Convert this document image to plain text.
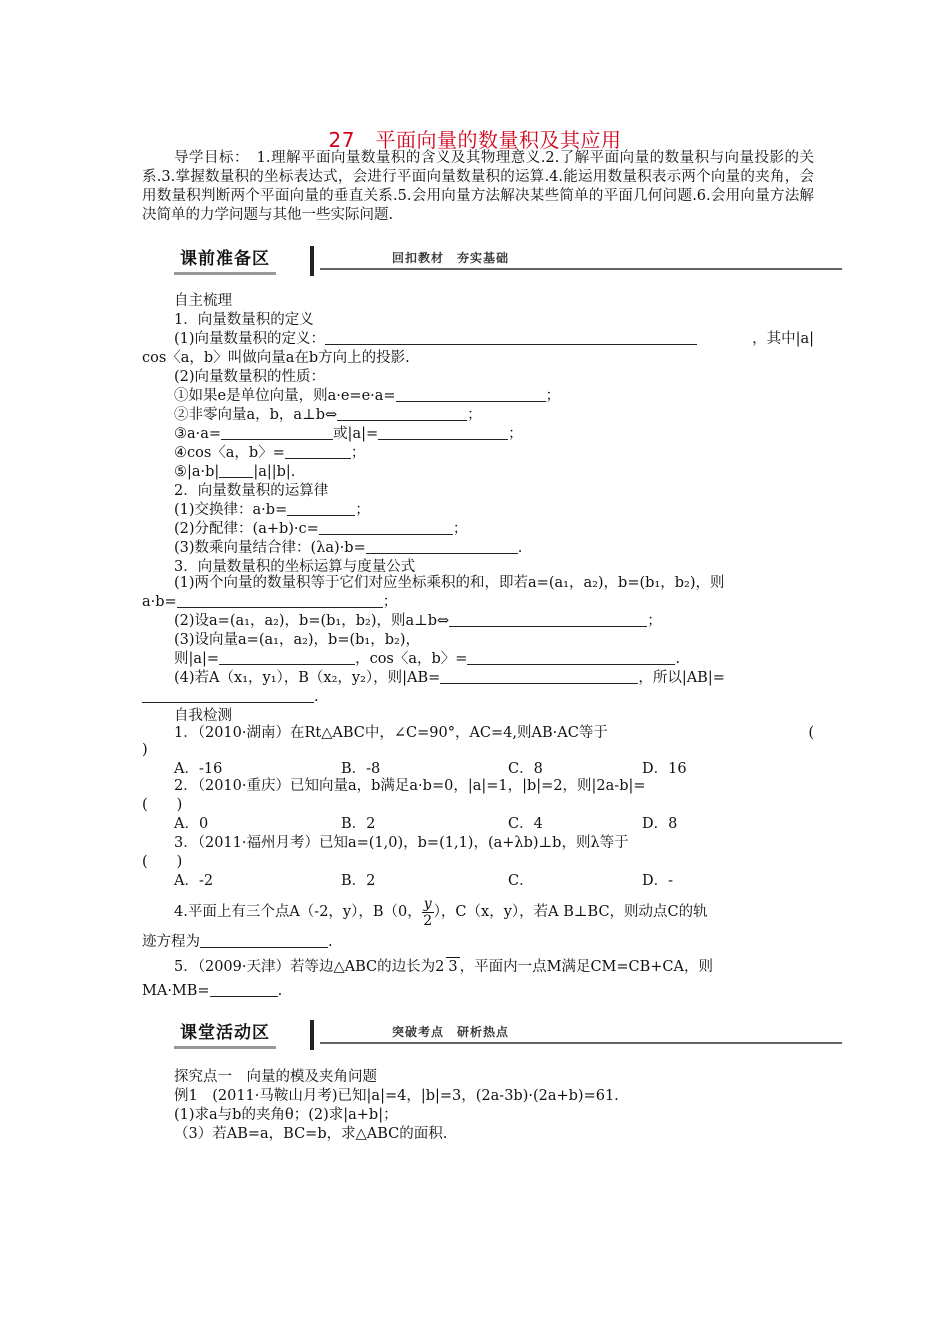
27　平面向量的数量积及其应用
导学目标：　1.理解平面向量数量积的含义及其物理意义.2.了解平面向量的数量积与向量投影的关系.3.掌握数量积的坐标表达式，会进行平面向量数量积的运算.4.能运用数量积表示两个向量的夹角，会用数量积判断两个平面向量的垂直关系.5.会用向量方法解决某些简单的平面几何问题.6.会用向量方法解决简单的力学问题与其他一些实际问题.
课前准备区	回扣教材　夯实基础
自主梳理
1．向量数量积的定义
(1)向量数量积的定义：	，其中|a|
cos〈a，b〉叫做向量a在b方向上的投影.
(2)向量数量积的性质：
①如果e是单位向量，则a·e=e·a=	；
②非零向量a，b，a⊥b⇔	；
③a·a=	或|a|=	；
④cos〈a，b〉=	；
⑤|a·b| |a||b|.
2．向量数量积的运算律
(1)交换律：a·b=	；
(2)分配律：(a+b)·c=	；
(3)数乘向量结合律：(λa)·b=	.
3．向量数量积的坐标运算与度量公式
(1)两个向量的数量积等于它们对应坐标乘积的和，即若a=(a₁，a₂)，b=(b₁，b₂)，则
a·b=	；
(2)设a=(a₁，a₂)，b=(b₁，b₂)，则a⊥b⇔	；
(3)设向量a=(a₁，a₂)，b=(b₁，b₂)，
则|a|=	，cos〈a，b〉=	.
(4)若A（x₁，y₁），B（x₂，y₂），则|AB=	，所以|AB|=
.
自我检测
1．（2010·湖南）在Rt△ABC中，∠C=90°，AC=4,则AB·AC等于	(
)
A．-16	B．-8	C．8	D．16
2．（2010·重庆）已知向量a，b满足a·b=0，|a|=1，|b|=2，则|2a-b|=
(　　)
A．0	B．2	C．4	D．8
3．（2011·福州月考）已知a=(1,0)，b=(1,1)，(a+λb)⊥b，则λ等于
(　　)
A．-2	B．2	C．	D．-
4.平面上有三个点A（-2，y），B（0， $\frac{y}{2}$ ），C（x，y），若A B⊥BC，则动点C的轨
迹方程为	.
5．（2009·天津）若等边△ABC的边长为2 3 ，平面内一点M满足CM=CB+CA，则
MA·MB=	.
课堂活动区	突破考点　研析热点
探究点一　向量的模及夹角问题
例1　(2011·马鞍山月考)已知|a|=4，|b|=3，(2a-3b)·(2a+b)=61.
(1)求a与b的夹角θ；(2)求|a+b|；
（3）若AB=a，BC=b，求△ABC的面积.
